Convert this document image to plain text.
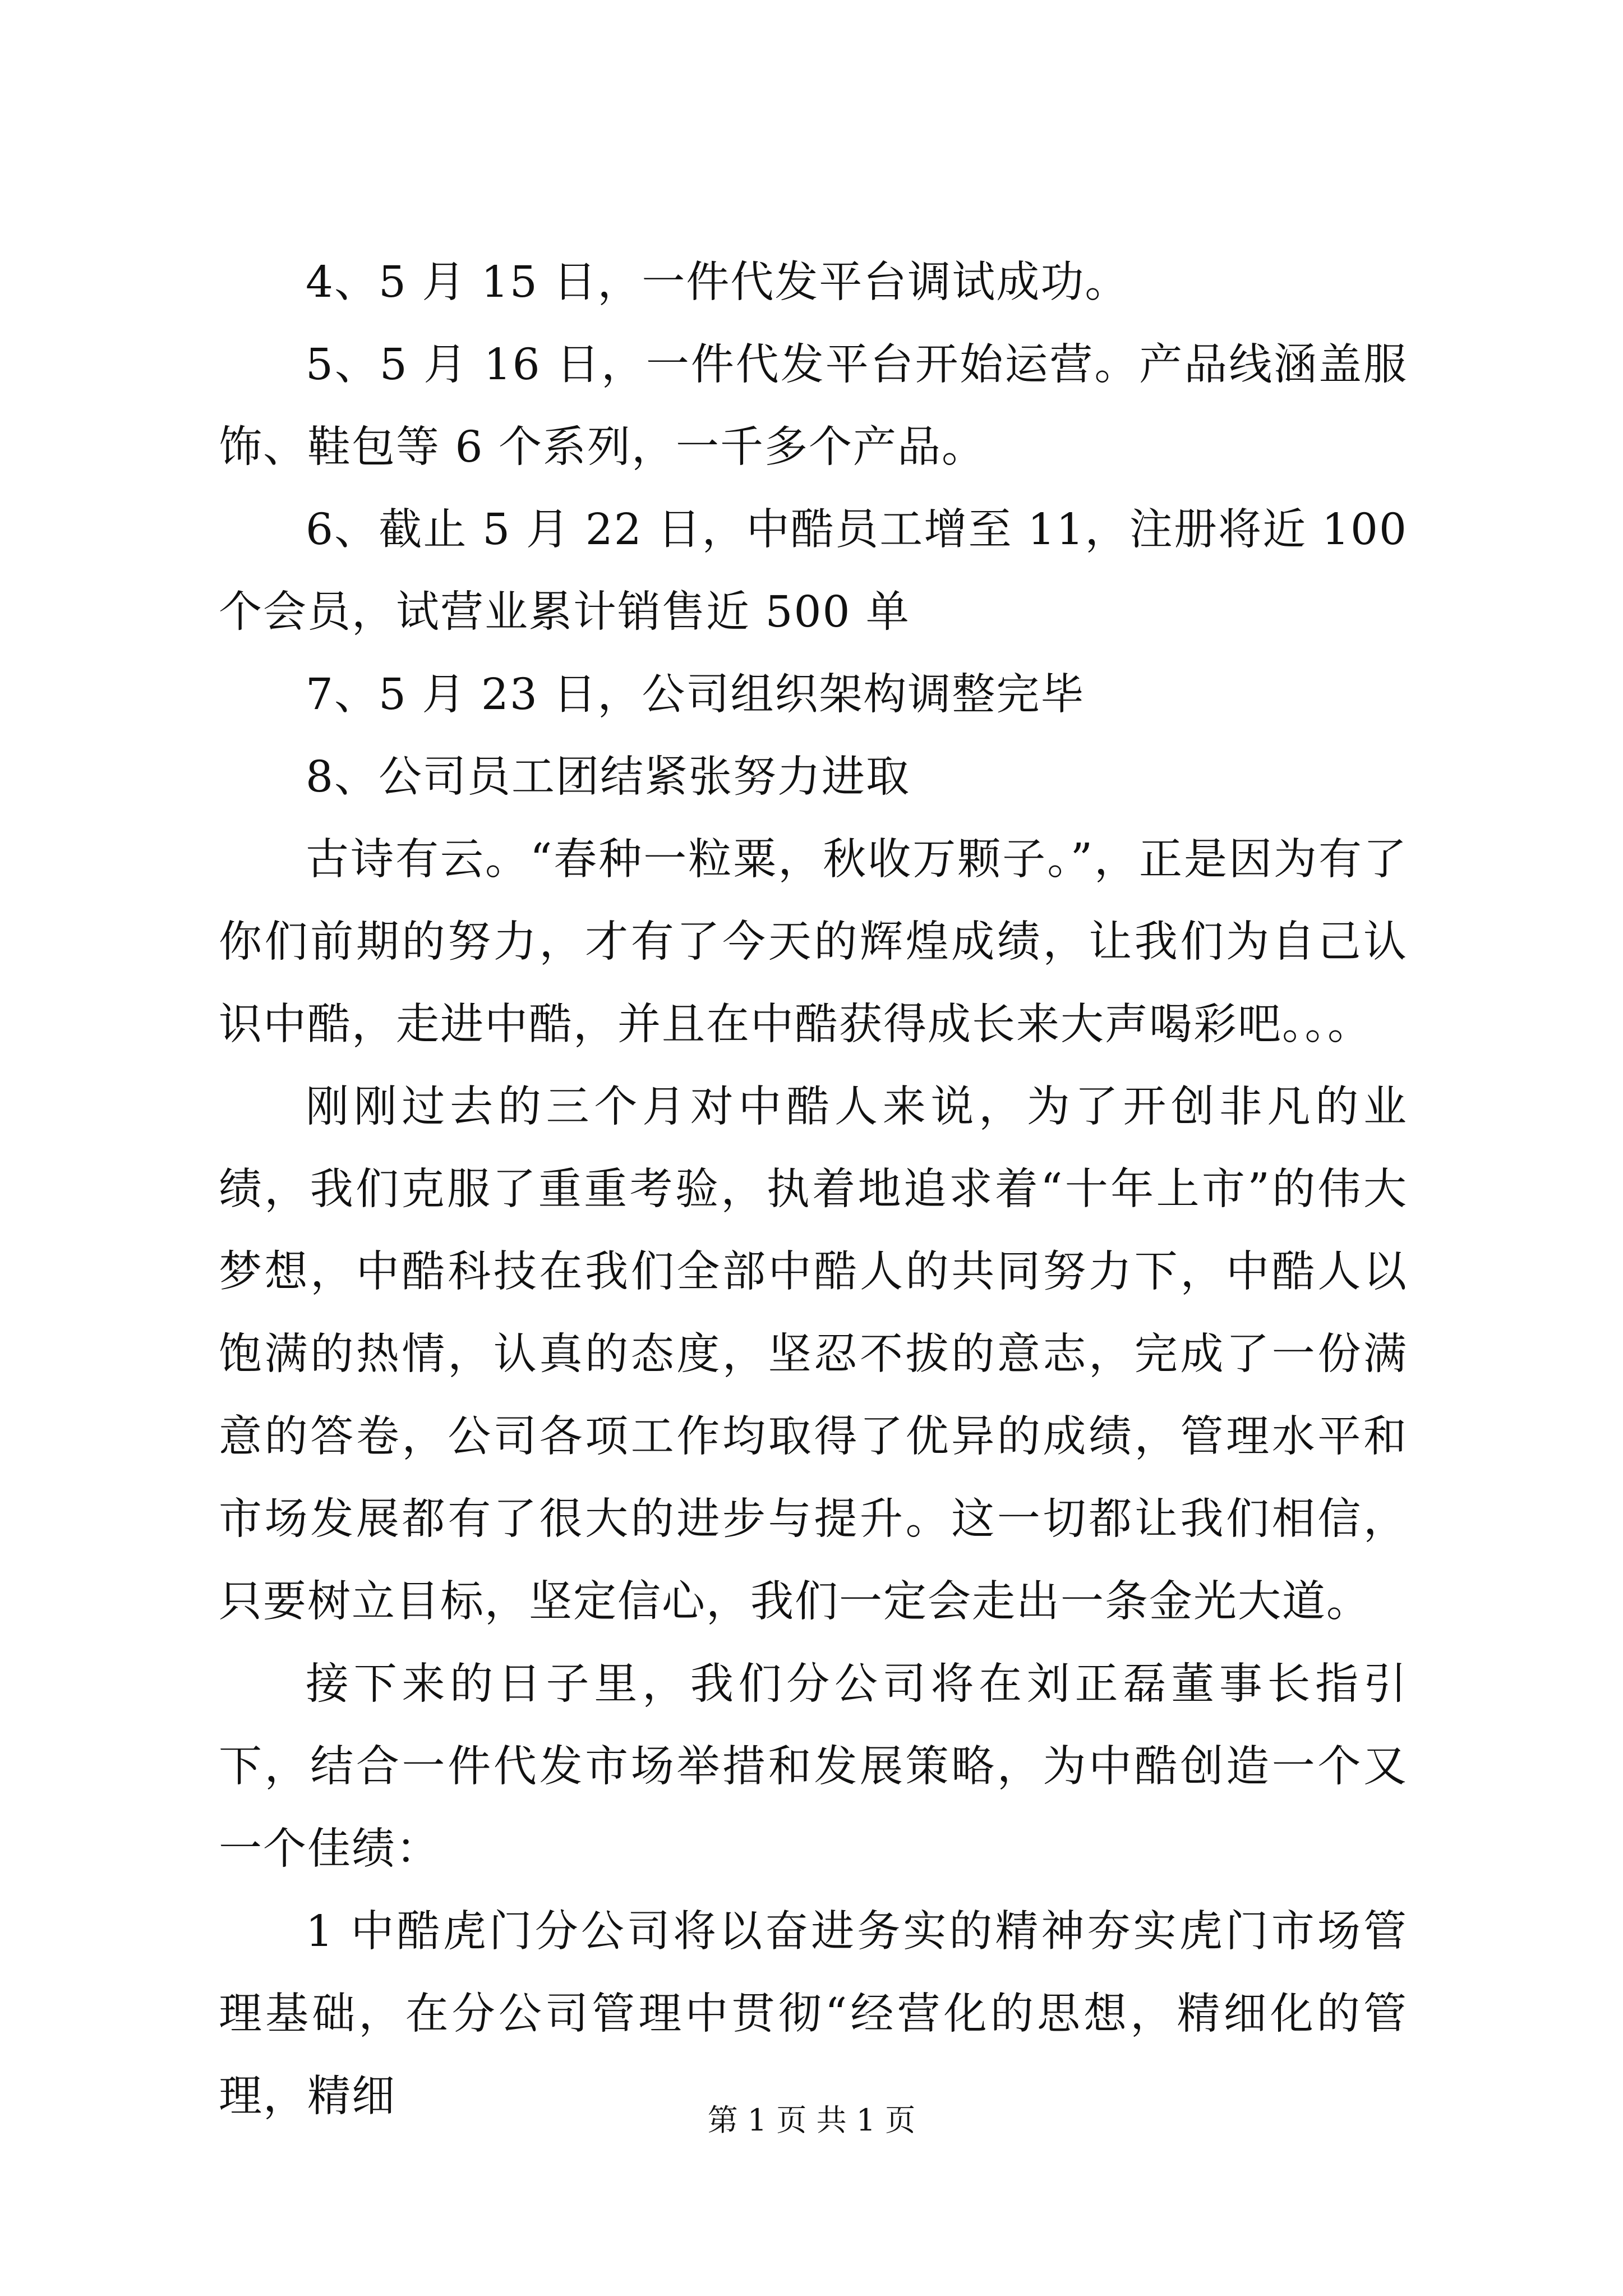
4、5 月 15 日，一件代发平台调试成功。

5、5 月 16 日，一件代发平台开始运营。产品线涵盖服饰、鞋包等 6 个系列，一千多个产品。

6、截止 5 月 22 日，中酷员工增至 11，注册将近 100 个会员，试营业累计销售近 500 单

7、5 月 23 日，公司组织架构调整完毕

8、公司员工团结紧张努力进取

古诗有云。“春种一粒粟，秋收万颗子。”，正是因为有了你们前期的努力，才有了今天的辉煌成绩，让我们为自己认识中酷，走进中酷，并且在中酷获得成长来大声喝彩吧。。。

刚刚过去的三个月对中酷人来说，为了开创非凡的业绩，我们克服了重重考验，执着地追求着“十年上市”的伟大梦想，中酷科技在我们全部中酷人的共同努力下，中酷人以饱满的热情，认真的态度，坚忍不拔的意志，完成了一份满意的答卷，公司各项工作均取得了优异的成绩，管理水平和市场发展都有了很大的进步与提升。这一切都让我们相信，只要树立目标，坚定信心，我们一定会走出一条金光大道。

接下来的日子里，我们分公司将在刘正磊董事长指引下，结合一件代发市场举措和发展策略，为中酷创造一个又一个佳绩：

1 中酷虎门分公司将以奋进务实的精神夯实虎门市场管理基础，在分公司管理中贯彻“经营化的思想，精细化的管理，精细	第 1 页 共 1 页
